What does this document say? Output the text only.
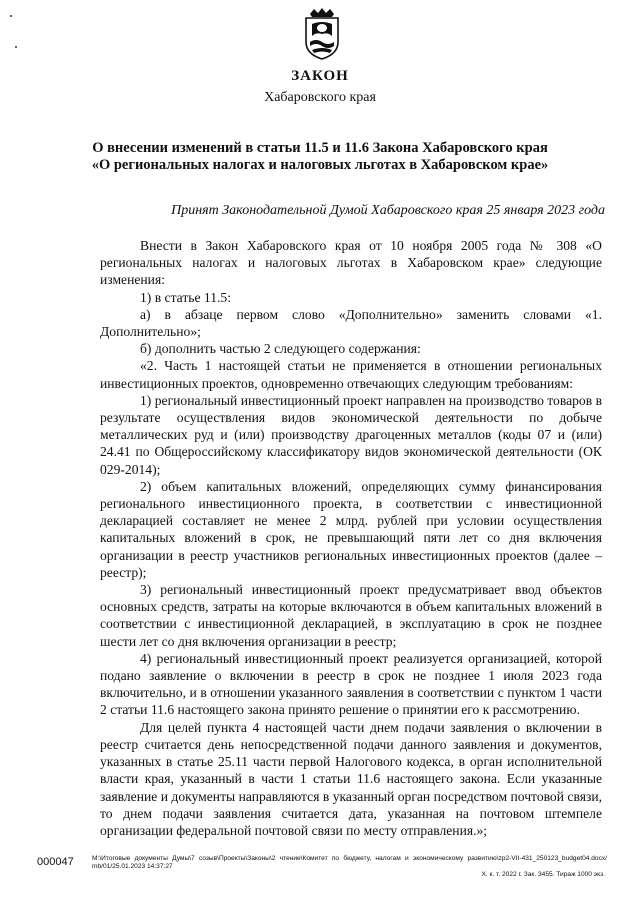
ЗАКОН
Хабаровского края
О внесении изменений в статьи 11.5 и 11.6 Закона Хабаровского края
«О региональных налогах и налоговых льготах в Хабаровском крае»
Принят Законодательной Думой Хабаровского края 25 января 2023 года

Внести в Закон Хабаровского края от 10 ноября 2005 года № 308 «О региональных налогах и налоговых льготах в Хабаровском крае» следующие изменения:

1) в статье 11.5:

а) в абзаце первом слово «Дополнительно» заменить словами «1. Дополнительно»;

б) дополнить частью 2 следующего содержания:

«2. Часть 1 настоящей статьи не применяется в отношении региональных инвестиционных проектов, одновременно отвечающих следующим требованиям:

1) региональный инвестиционный проект направлен на производство товаров в результате осуществления видов экономической деятельности по добыче металлических руд и (или) производству драгоценных металлов (коды 07 и (или) 24.41 по Общероссийскому классификатору видов экономической деятельности (ОК 029-2014);

2) объем капитальных вложений, определяющих сумму финансирования регионального инвестиционного проекта, в соответствии с инвестиционной декларацией составляет не менее 2 млрд. рублей при условии осуществления капитальных вложений в срок, не превышающий пяти лет со дня включения организации в реестр участников региональных инвестиционных проектов (далее – реестр);

3) региональный инвестиционный проект предусматривает ввод объектов основных средств, затраты на которые включаются в объем капитальных вложений в соответствии с инвестиционной декларацией, в эксплуатацию в срок не позднее шести лет со дня включения организации в реестр;

4) региональный инвестиционный проект реализуется организацией, которой подано заявление о включении в реестр в срок не позднее 1 июля 2023 года включительно, и в отношении указанного заявления в соответствии с пунктом 1 части 2 статьи 11.6 настоящего закона принято решение о принятии его к рассмотрению.

Для целей пункта 4 настоящей части днем подачи заявления о включении в реестр считается день непосредственной подачи данного заявления и документов, указанных в статье 25.11 части первой Налогового кодекса, в орган исполнительной власти края, указанный в части 1 статьи 11.6 настоящего закона. Если указанные заявление и документы направляются в указанный орган посредством почтовой связи, то днем подачи заявления считается дата, указанная на почтовом штемпеле организации федеральной почтовой связи по месту отправления.»;

000047	M:\Итоговые документы Думы\7 созыв\Проекты\Законы\2 чтение\Комитет по бюджету, налогам и экономическому развитию\zp2-VII-431_250123_budget04.docx/ mb/01/25.01.2023 14:37:27
Х. к. т. 2022 г. Зак. 3455. Тираж 1000 экз.
